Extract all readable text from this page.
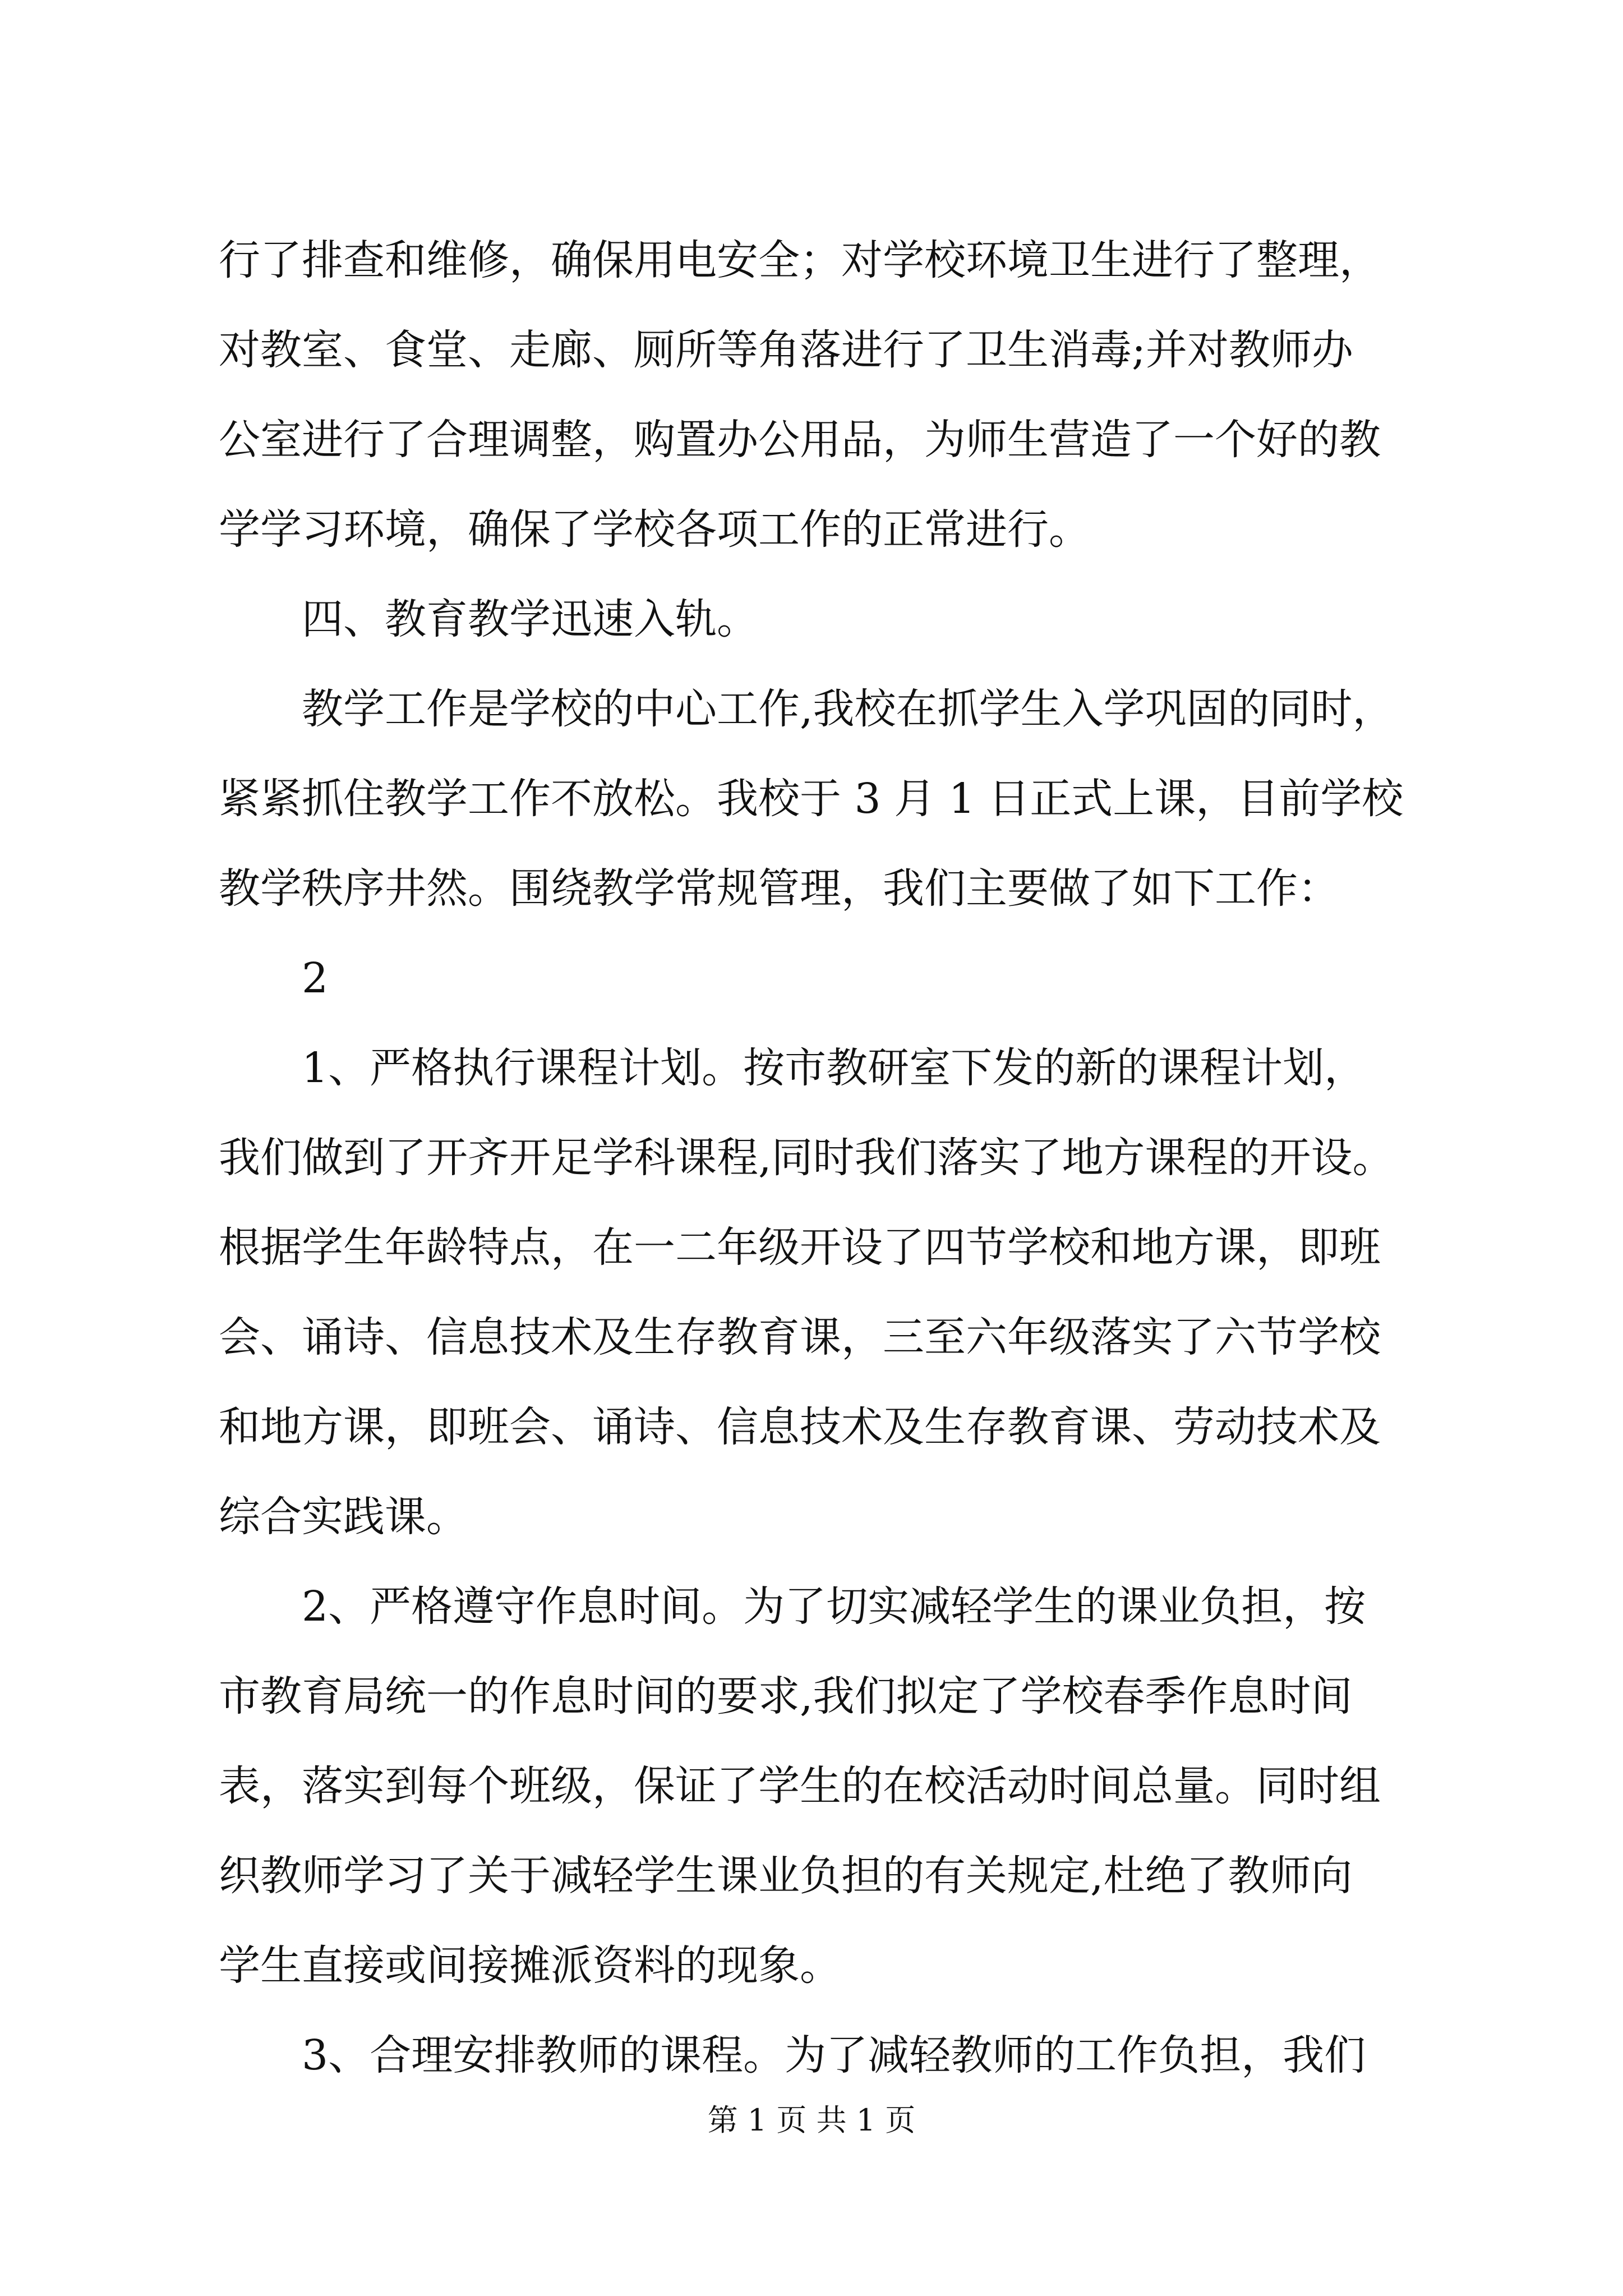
行了排查和维修，确保用电安全；对学校环境卫生进行了整理，
对教室、食堂、走廊、厕所等角落进行了卫生消毒;并对教师办
公室进行了合理调整，购置办公用品，为师生营造了一个好的教
学学习环境，确保了学校各项工作的正常进行。
四、教育教学迅速入轨。
教学工作是学校的中心工作,我校在抓学生入学巩固的同时，
紧紧抓住教学工作不放松。我校于 3 月 1 日正式上课，目前学校
教学秩序井然。围绕教学常规管理，我们主要做了如下工作：
2
1、严格执行课程计划。按市教研室下发的新的课程计划，
我们做到了开齐开足学科课程,同时我们落实了地方课程的开设。
根据学生年龄特点，在一二年级开设了四节学校和地方课，即班
会、诵诗、信息技术及生存教育课，三至六年级落实了六节学校
和地方课，即班会、诵诗、信息技术及生存教育课、劳动技术及
综合实践课。
2、严格遵守作息时间。为了切实减轻学生的课业负担，按
市教育局统一的作息时间的要求,我们拟定了学校春季作息时间
表，落实到每个班级，保证了学生的在校活动时间总量。同时组
织教师学习了关于减轻学生课业负担的有关规定,杜绝了教师向
学生直接或间接摊派资料的现象。
3、合理安排教师的课程。为了减轻教师的工作负担，我们
第 1 页 共 1 页
